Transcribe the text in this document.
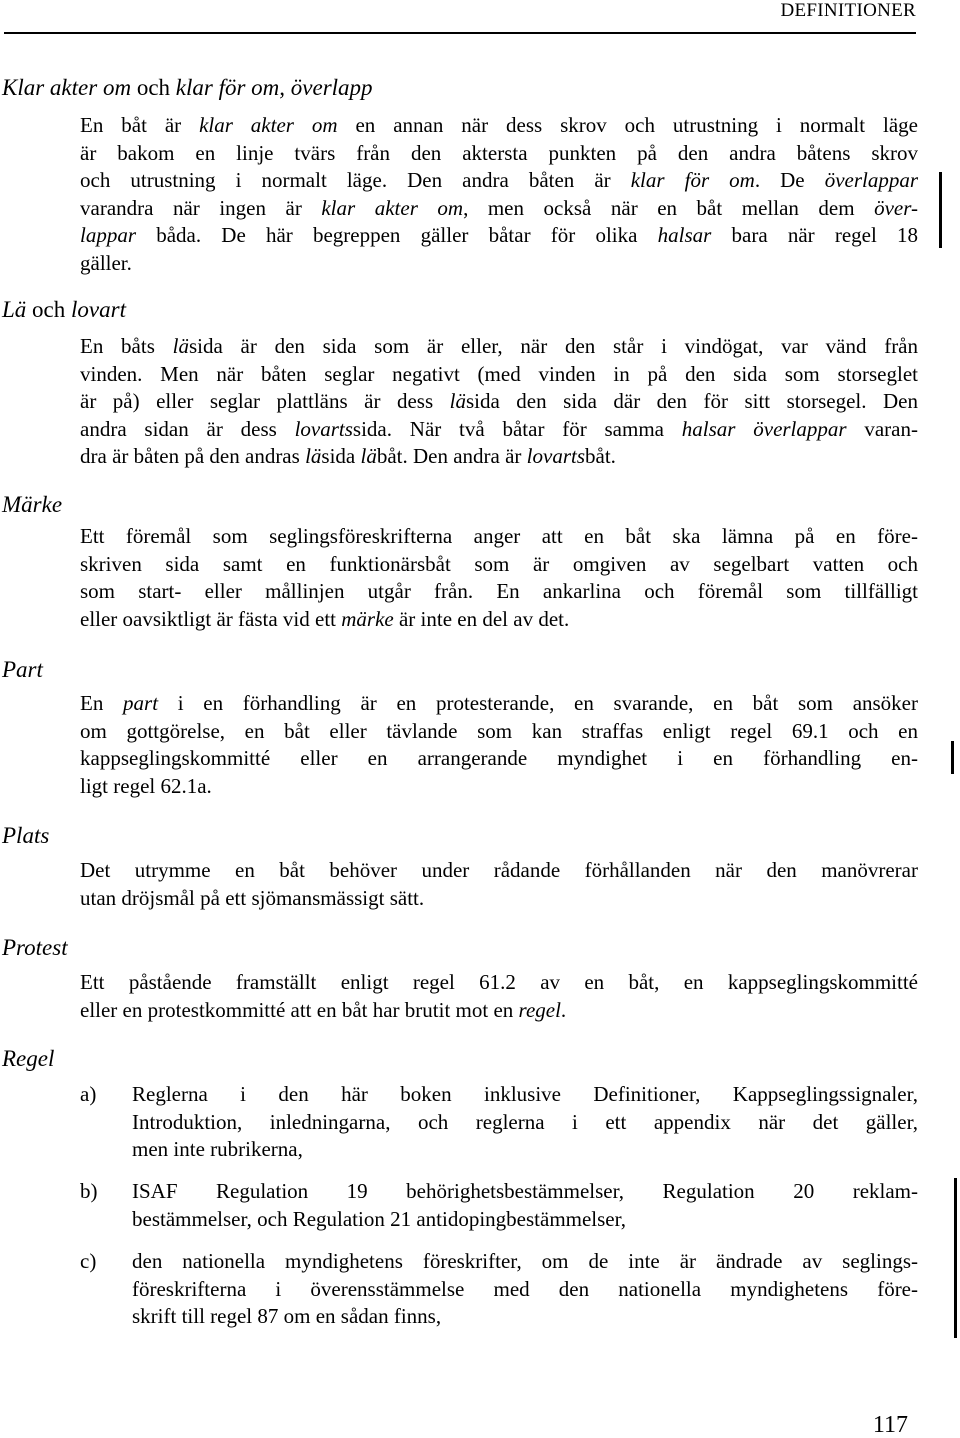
DEFINITIONER
Klar akter om och klar för om, överlapp
En båt är klar akter om en annan när dess skrov och utrustning i normalt läge
är bakom en linje tvärs från den aktersta punkten på den andra båtens skrov
och utrustning i normalt läge. Den andra båten är klar för om. De överlappar
varandra när ingen är klar akter om, men också när en båt mellan dem över-
lappar båda. De här begreppen gäller båtar för olika halsar bara när regel 18
gäller.
Lä och lovart
En båts läsida är den sida som är eller, när den står i vindögat, var vänd från
vinden. Men när båten seglar negativt (med vinden in på den sida som storseglet
är på) eller seglar plattläns är dess läsida den sida där den för sitt storsegel. Den
andra sidan är dess lovartssida. När två båtar för samma halsar överlappar varan-
dra är båten på den andras läsida läbåt. Den andra är lovartsbåt.
Märke
Ett föremål som seglingsföreskrifterna anger att en båt ska lämna på en före-
skriven sida samt en funktionärsbåt som är omgiven av segelbart vatten och
som start- eller mållinjen utgår från. En ankarlina och föremål som tillfälligt
eller oavsiktligt är fästa vid ett märke är inte en del av det.
Part
En part i en förhandling är en protesterande, en svarande, en båt som ansöker
om gottgörelse, en båt eller tävlande som kan straffas enligt regel 69.1 och en
kappseglingskommitté eller en arrangerande myndighet i en förhandling en-
ligt regel 62.1a.
Plats
Det utrymme en båt behöver under rådande förhållanden när den manövrerar
utan dröjsmål på ett sjömansmässigt sätt.
Protest
Ett påstående framställt enligt regel 61.2 av en båt, en kappseglingskommitté
eller en protestkommitté att en båt har brutit mot en regel.
Regel
a)	Reglerna i den här boken inklusive Definitioner, Kappseglingssignaler,
Introduktion, inledningarna, och reglerna i ett appendix när det gäller,
men inte rubrikerna,
b)	ISAF Regulation 19 behörighetsbestämmelser, Regulation 20 reklam-
bestämmelser, och Regulation 21 antidopingbestämmelser,
c)	den nationella myndighetens föreskrifter, om de inte är ändrade av seglings-
föreskrifterna i överensstämmelse med den nationella myndighetens före-
skrift till regel 87 om en sådan finns,
117
